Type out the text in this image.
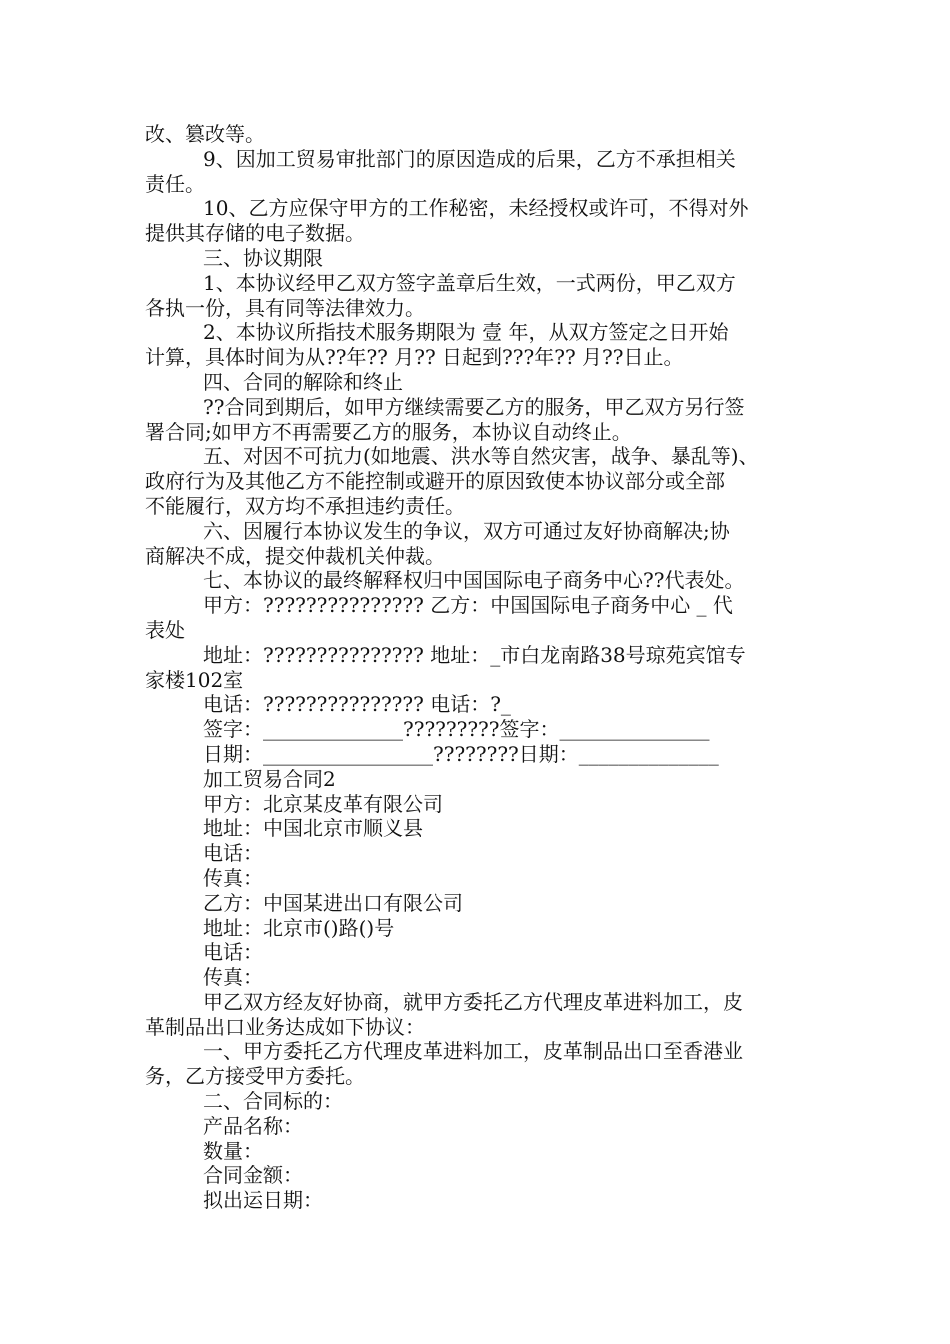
改、篡改等。
9、因加工贸易审批部门的原因造成的后果，乙方不承担相关
责任。
10、乙方应保守甲方的工作秘密，未经授权或许可，不得对外
提供其存储的电子数据。
三、协议期限
1、本协议经甲乙双方签字盖章后生效，一式两份，甲乙双方
各执一份，具有同等法律效力。
2、本协议所指技术服务期限为 壹 年，从双方签定之日开始
计算，具体时间为从??年?? 月?? 日起到???年?? 月??日止。
四、合同的解除和终止
??合同到期后，如甲方继续需要乙方的服务，甲乙双方另行签
署合同;如甲方不再需要乙方的服务，本协议自动终止。
五、对因不可抗力(如地震、洪水等自然灾害，战争、暴乱等)、
政府行为及其他乙方不能控制或避开的原因致使本协议部分或全部
不能履行，双方均不承担违约责任。
六、因履行本协议发生的争议，双方可通过友好协商解决;协
商解决不成，提交仲裁机关仲裁。
七、本协议的最终解释权归中国国际电子商务中心??代表处。
甲方：??????????????? 乙方：中国国际电子商务中心 _ 代
表处
地址：??????????????? 地址：_市白龙南路38号琼苑宾馆专
家楼102室
电话：??????????????? 电话：?_
签字：______________?????????签字：_______________
日期：_________________????????日期：______________
加工贸易合同2
甲方：北京某皮革有限公司
地址：中国北京市顺义县
电话：
传真：
乙方：中国某进出口有限公司
地址：北京市()路()号
电话：
传真：
甲乙双方经友好协商，就甲方委托乙方代理皮革进料加工，皮
革制品出口业务达成如下协议：
一、甲方委托乙方代理皮革进料加工，皮革制品出口至香港业
务，乙方接受甲方委托。
二、合同标的：
产品名称：
数量：
合同金额：
拟出运日期：
